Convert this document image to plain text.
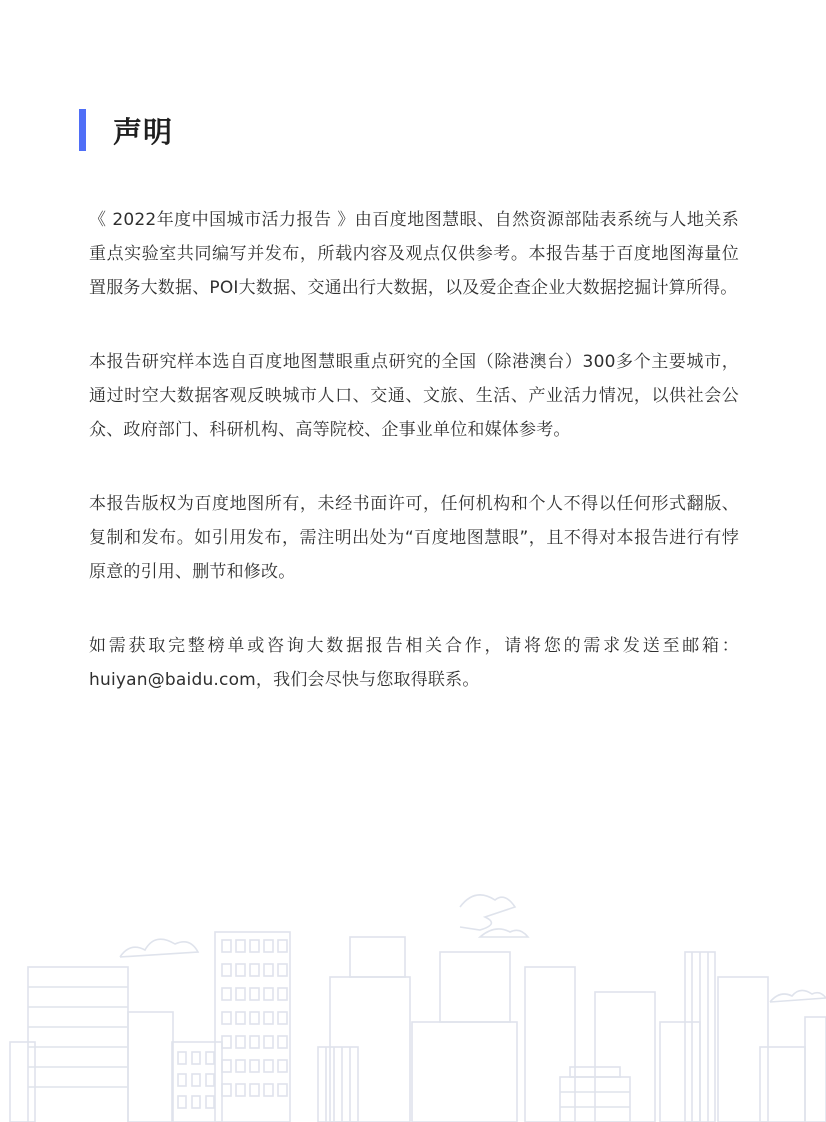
声明

《 2022年度中国城市活力报告 》由百度地图慧眼、自然资源部陆表系统与人地关系重点实验室共同编写并发布，所载内容及观点仅供参考。本报告基于百度地图海量位置服务大数据、POI大数据、交通出行大数据，以及爱企查企业大数据挖掘计算所得。

本报告研究样本选自百度地图慧眼重点研究的全国（除港澳台）300多个主要城市，通过时空大数据客观反映城市人口、交通、文旅、生活、产业活力情况，以供社会公众、政府部门、科研机构、高等院校、企事业单位和媒体参考。

本报告版权为百度地图所有，未经书面许可，任何机构和个人不得以任何形式翻版、复制和发布。如引用发布，需注明出处为“百度地图慧眼”，且不得对本报告进行有悖原意的引用、删节和修改。

如需获取完整榜单或咨询大数据报告相关合作，请将您的需求发送至邮箱：huiyan@baidu.com，我们会尽快与您取得联系。
